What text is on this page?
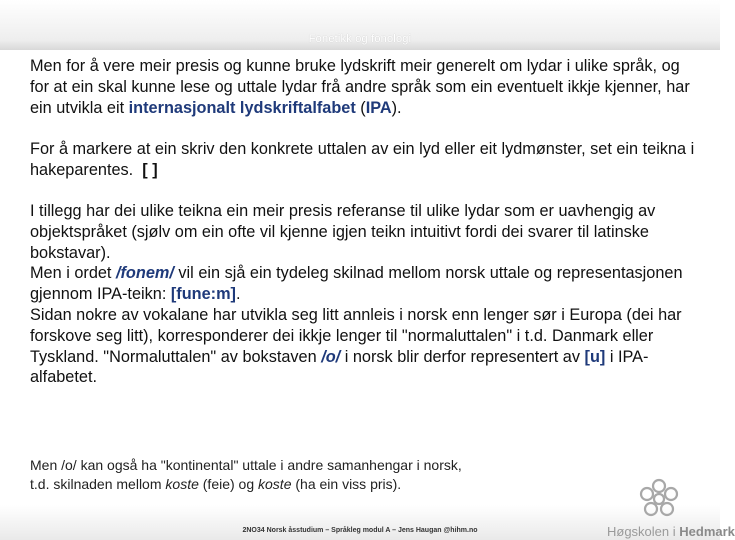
Fonetikk og fonologi

Men for å vere meir presis og kunne bruke lydskrift meir generelt om lydar i ulike språk, og for at ein skal kunne lese og uttale lydar frå andre språk som ein eventuelt ikkje kjenner, har ein utvikla eit internasjonalt lydskriftalfabet (IPA).

For å markere at ein skriv den konkrete uttalen av ein lyd eller eit lydmønster, set ein teikna i hakeparentes. [ ]

I tillegg har dei ulike teikna ein meir presis referanse til ulike lydar som er uavhengig av objektspråket (sjølv om ein ofte vil kjenne igjen teikn intuitivt fordi dei svarer til latinske bokstavar).

Men i ordet /fonem/ vil ein sjå ein tydeleg skilnad mellom norsk uttale og representasjonen gjennom IPA-teikn: [fune:m].

Sidan nokre av vokalane har utvikla seg litt annleis i norsk enn lenger sør i Europa (dei har forskove seg litt), korresponderer dei ikkje lenger til "normaluttalen" i t.d. Danmark eller Tyskland. "Normaluttalen" av bokstaven /o/ i norsk blir derfor representert av [u] i IPA-alfabetet.

Men /o/ kan også ha "kontinental" uttale i andre samanhengar i norsk,
t.d. skilnaden mellom koste (feie) og koste (ha ein viss pris).
2NO34 Norsk åsstudium – Språkleg modul A – Jens Haugan @hihm.no	Høgskolen i Hedmark
